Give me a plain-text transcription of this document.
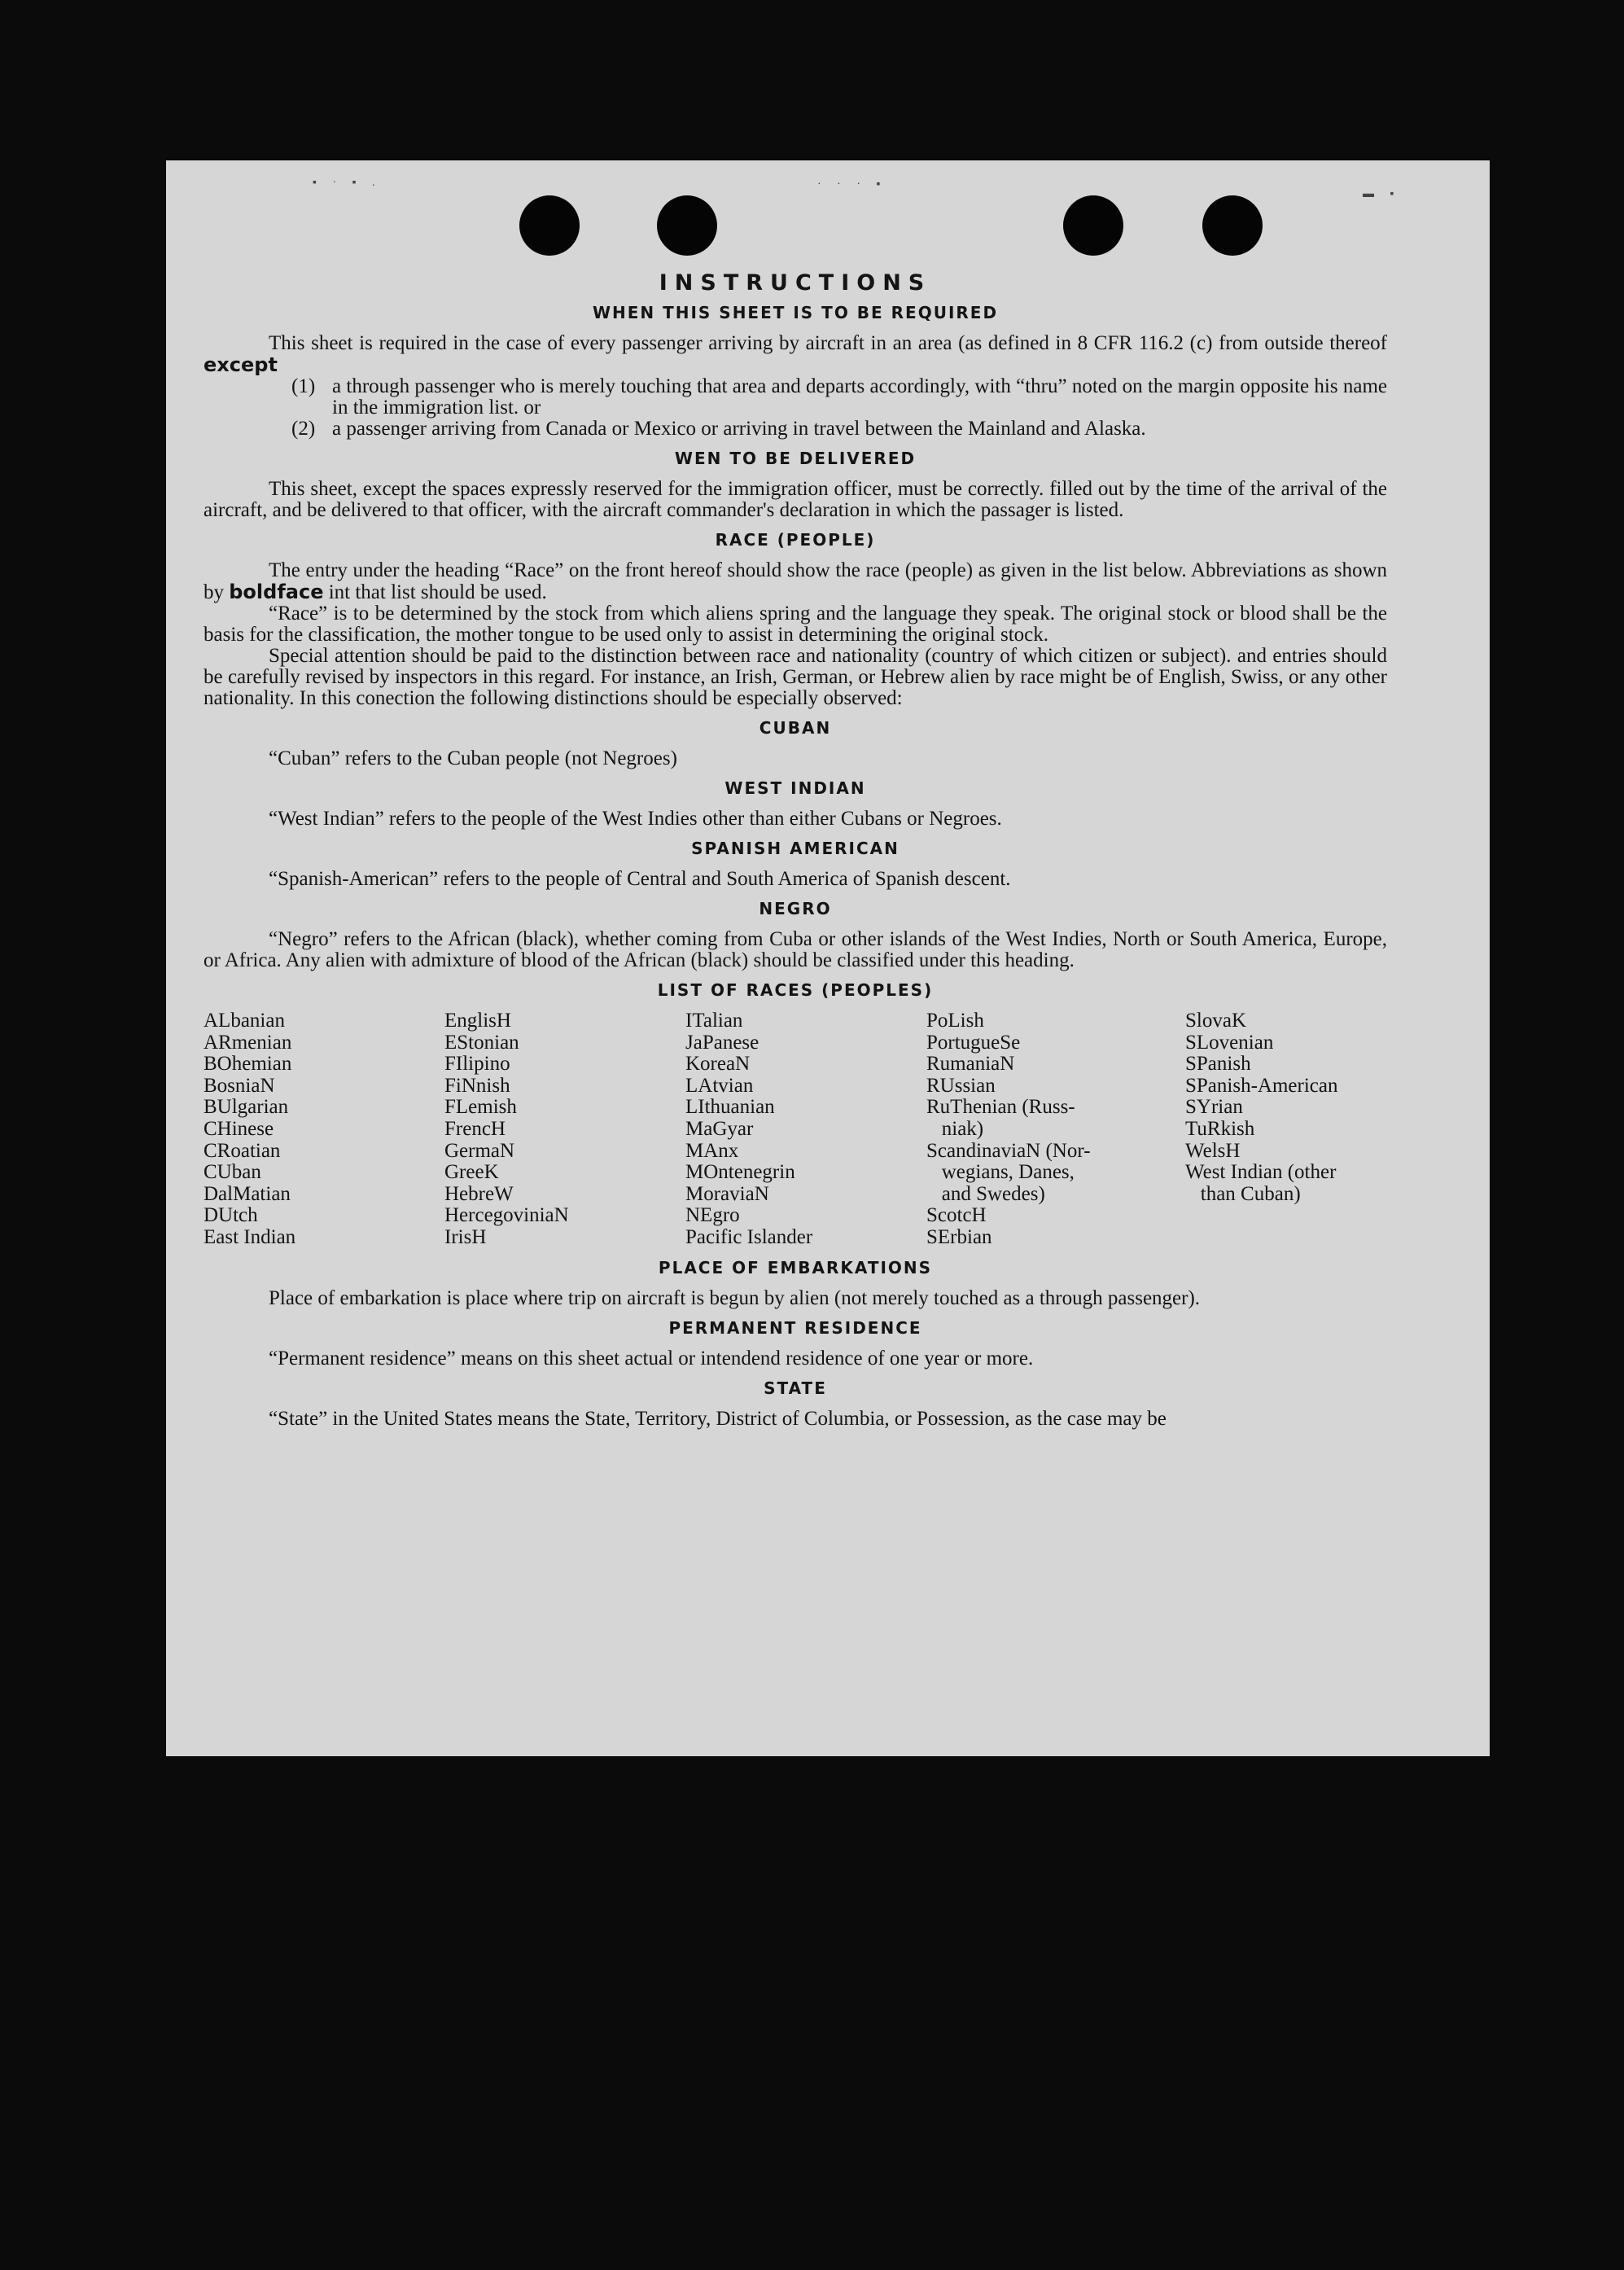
▪ · ▪ .	· · · ▪
▬ ▪
INSTRUCTIONS
WHEN THIS SHEET IS TO BE REQUIRED

This sheet is required in the case of every passenger arriving by aircraft in an area (as defined in 8 CFR 116.2 (c) from outside thereof except

(1) a through passenger who is merely touching that area and departs accordingly, with “thru” noted on the margin opposite his name in the immigration list. or
(2) a passenger arriving from Canada or Mexico or arriving in travel between the Mainland and Alaska.
WEN TO BE DELIVERED

This sheet, except the spaces expressly reserved for the immigration officer, must be correctly. filled out by the time of the arrival of the aircraft, and be delivered to that officer, with the aircraft commander's declaration in which the passager is listed.

RACE (PEOPLE)

The entry under the heading “Race” on the front hereof should show the race (people) as given in the list below. Abbreviations as shown by boldface int that list should be used.

“Race” is to be determined by the stock from which aliens spring and the language they speak. The original stock or blood shall be the basis for the classification, the mother tongue to be used only to assist in determining the original stock.

Special attention should be paid to the distinction between race and nationality (country of which citizen or subject). and entries should be carefully revised by inspectors in this regard. For instance, an Irish, German, or Hebrew alien by race might be of English, Swiss, or any other nationality. In this conection the following distinctions should be especially observed:

CUBAN

“Cuban” refers to the Cuban people (not Negroes)

WEST INDIAN

“West Indian” refers to the people of the West Indies other than either Cubans or Negroes.

SPANISH AMERICAN

“Spanish-American” refers to the people of Central and South America of Spanish descent.

NEGRO

“Negro” refers to the African (black), whether coming from Cuba or other islands of the West Indies, North or South America, Europe, or Africa. Any alien with admixture of blood of the African (black) should be classified under this heading.

LIST OF RACES (PEOPLES)
ALbanian
ARmenian
BOhemian
BosniaN
BUlgarian
CHinese
CRoatian
CUban
DalMatian
DUtch
East Indian
EnglisH
EStonian
FIlipino
FiNnish
FLemish
FrencH
GermaN
GreeK
HebreW
HercegoviniaN
IrisH
ITalian
JaPanese
KoreaN
LAtvian
LIthuanian
MaGyar
MAnx
MOntenegrin
MoraviaN
NEgro
Pacific Islander
PoLish
PortugueSe
RumaniaN
RUssian
RuThenian (Russ-
niak)
ScandinaviaN (Nor-
wegians, Danes,
and Swedes)
ScotcH
SErbian
SlovaK
SLovenian
SPanish
SPanish-American
SYrian
TuRkish
WelsH
West Indian (other
than Cuban)
PLACE OF EMBARKATIONS

Place of embarkation is place where trip on aircraft is begun by alien (not merely touched as a through passenger).

PERMANENT RESIDENCE

“Permanent residence” means on this sheet actual or intendend residence of one year or more.

STATE

“State” in the United States means the State, Territory, District of Columbia, or Possession, as the case may be
